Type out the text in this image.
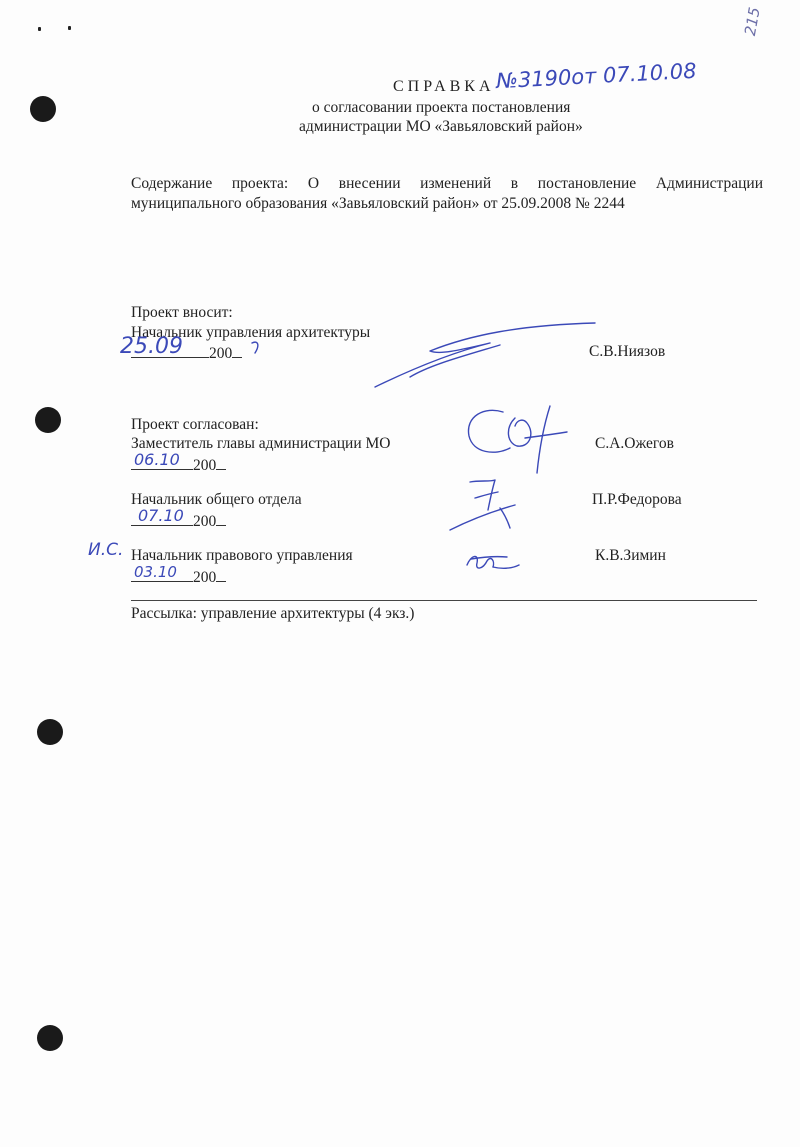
215
СПРАВКА №3190от 07.10.08
о согласовании проекта постановления
администрации МО «Завьяловский район»
Содержание проекта: О внесении изменений в постановление Администрации муниципального образования «Завьяловский район» от 25.09.2008 № 2244
Проект вносит:
Начальник управления архитектуры
200
25.09	С.В.Ниязов
Проект согласован:
Заместитель главы администрации МО
200
06.10
С.А.Ожегов
Начальник общего отдела
200
07.10
П.Р.Федорова
И.С. Начальник правового управления
200
03.10
К.В.Зимин
Рассылка: управление архитектуры (4 экз.)
